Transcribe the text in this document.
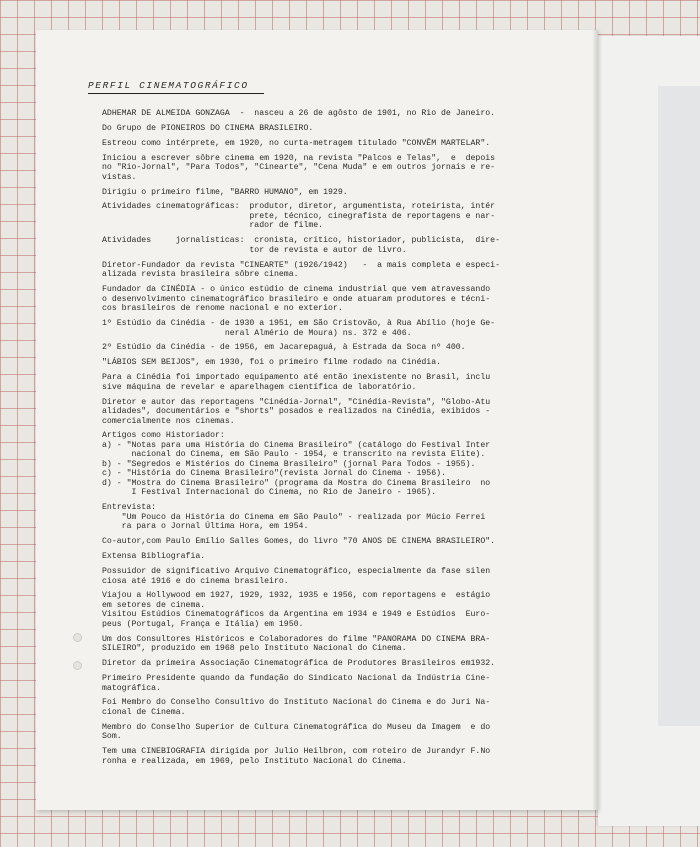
PERFIL CINEMATOGRÁFICO

ADHEMAR DE ALMEIDA GONZAGA  -  nasceu a 26 de agôsto de 1901, no Rio de Janeiro.

Do Grupo de PIONEIROS DO CINEMA BRASILEIRO.

Estreou como intérprete, em 1920, no curta-metragem titulado "CONVÊM MARTELAR".

Iniciou a escrever sôbre cinema em 1920, na revista "Palcos e Telas",  e  depois
no "Rio-Jornal", "Para Todos", "Cinearte", "Cena Muda" e em outros jornais e re-
vistas.

Dirigiu o primeiro filme, "BARRO HUMANO", em 1929.

Atividades cinematográficas:  produtor, diretor, argumentista, roteirista, intér
prete, técnico, cinegrafista de reportagens e nar-
rador de filme.

Atividades     jornalísticas:  cronista, crítico, historiador, publicista,  dire-
tor de revista e autor de livro.

Diretor-Fundador da revista "CINEARTE" (1926/1942)   -  a mais completa e especi-
alizada revista brasileira sôbre cinema.

Fundador da CINÉDIA - o único estúdio de cinema industrial que vem atravessando
o desenvolvimento cinematográfico brasileiro e onde atuaram produtores e técni-
cos brasileiros de renome nacional e no exterior.

1º Estúdio da Cinédia - de 1930 a 1951, em São Cristovão, à Rua Abílio (hoje Ge-
neral Almério de Moura) ns. 372 e 406.

2º Estúdio da Cinédia - de 1956, em Jacarepaguá, à Estrada da Soca nº 400.

"LÁBIOS SEM BEIJOS", em 1930, foi o primeiro filme rodado na Cinédia.

Para a Cinédia foi importado equipamento até então inexistente no Brasil, inclu
sive máquina de revelar e aparelhagem científica de laboratório.

Diretor e autor das reportagens "Cinédia-Jornal", "Cinédia-Revista", "Globo-Atu
alidades", documentários e "shorts" posados e realizados na Cinédia, exibidos -
comercialmente nos cinemas.

Artigos como Historiador:
a) - "Notas para uma História do Cinema Brasileiro" (catálogo do Festival Inter
nacional do Cinema, em São Paulo - 1954, e transcrito na revista Elite).
b) - "Segredos e Mistérios do Cinema Brasileiro" (jornal Para Todos - 1955).
c) - "História do Cinema Brasileiro"(revista Jornal do Cinema - 1956).
d) - "Mostra do Cinema Brasileiro" (programa da Mostra do Cinema Brasileiro  no
I Festival Internacional do Cinema, no Rio de Janeiro - 1965).

Entrevista:
"Um Pouco da História do Cinema em São Paulo" - realizada por Múcio Ferrei
ra para o Jornal Última Hora, em 1954.

Co-autor,com Paulo Emílio Salles Gomes, do livro "70 ANOS DE CINEMA BRASILEIRO".

Extensa Bibliografia.

Possuidor de significativo Arquivo Cinematográfico, especialmente da fase silen
ciosa até 1916 e do cinema brasileiro.

Viajou a Hollywood em 1927, 1929, 1932, 1935 e 1956, com reportagens e  estágio
em setores de cinema.
Visitou Estúdios Cinematográficos da Argentina em 1934 e 1949 e Estúdios  Euro-
peus (Portugal, França e Itália) em 1950.

Um dos Consultores Históricos e Colaboradores do filme "PANORAMA DO CINEMA BRA-
SILEIRO", produzido em 1968 pelo Instituto Nacional do Cinema.

Diretor da primeira Associação Cinematográfica de Produtores Brasileiros em1932.

Primeiro Presidente quando da fundação do Sindicato Nacional da Indústria Cine-
matográfica.

Foi Membro do Conselho Consultivo do Instituto Nacional do Cinema e do Juri Na-
cional de Cinema.

Membro do Conselho Superior de Cultura Cinematográfica do Museu da Imagem  e do
Som.

Tem uma CINEBIOGRAFIA dirigida por Julio Heilbron, com roteiro de Jurandyr F.No
ronha e realizada, em 1969, pelo Instituto Nacional do Cinema.
